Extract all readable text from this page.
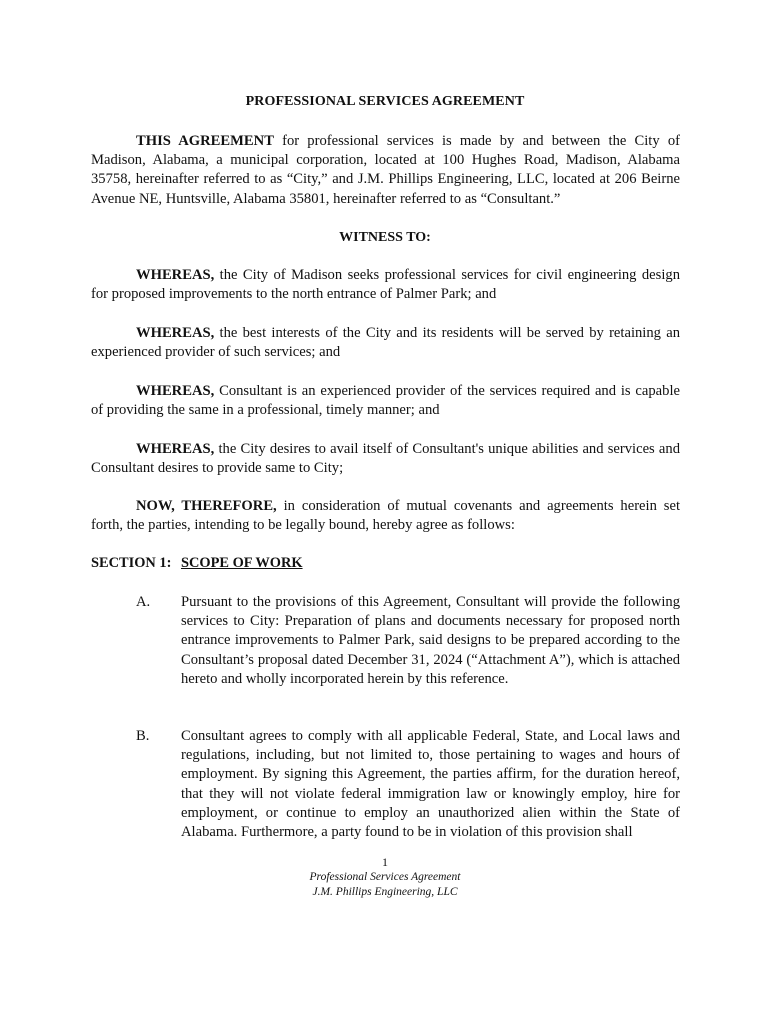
PROFESSIONAL SERVICES AGREEMENT

THIS AGREEMENT for professional services is made by and between the City of Madison, Alabama, a municipal corporation, located at 100 Hughes Road, Madison, Alabama 35758, hereinafter referred to as “City,” and J.M. Phillips Engineering, LLC, located at 206 Beirne Avenue NE, Huntsville, Alabama 35801, hereinafter referred to as “Consultant.”

WITNESS TO:

WHEREAS, the City of Madison seeks professional services for civil engineering design for proposed improvements to the north entrance of Palmer Park; and

WHEREAS, the best interests of the City and its residents will be served by retaining an experienced provider of such services; and

WHEREAS, Consultant is an experienced provider of the services required and is capable of providing the same in a professional, timely manner; and

WHEREAS, the City desires to avail itself of Consultant's unique abilities and services and Consultant desires to provide same to City;

NOW, THEREFORE, in consideration of mutual covenants and agreements herein set forth, the parties, intending to be legally bound, hereby agree as follows:

SECTION 1: SCOPE OF WORK
A. Pursuant to the provisions of this Agreement, Consultant will provide the following services to City: Preparation of plans and documents necessary for proposed north entrance improvements to Palmer Park, said designs to be prepared according to the Consultant’s proposal dated December 31, 2024 (“Attachment A”), which is attached hereto and wholly incorporated herein by this reference.

B. Consultant agrees to comply with all applicable Federal, State, and Local laws and regulations, including, but not limited to, those pertaining to wages and hours of employment. By signing this Agreement, the parties affirm, for the duration hereof, that they will not violate federal immigration law or knowingly employ, hire for employment, or continue to employ an unauthorized alien within the State of Alabama. Furthermore, a party found to be in violation of this provision shall

1
Professional Services Agreement
J.M. Phillips Engineering, LLC
